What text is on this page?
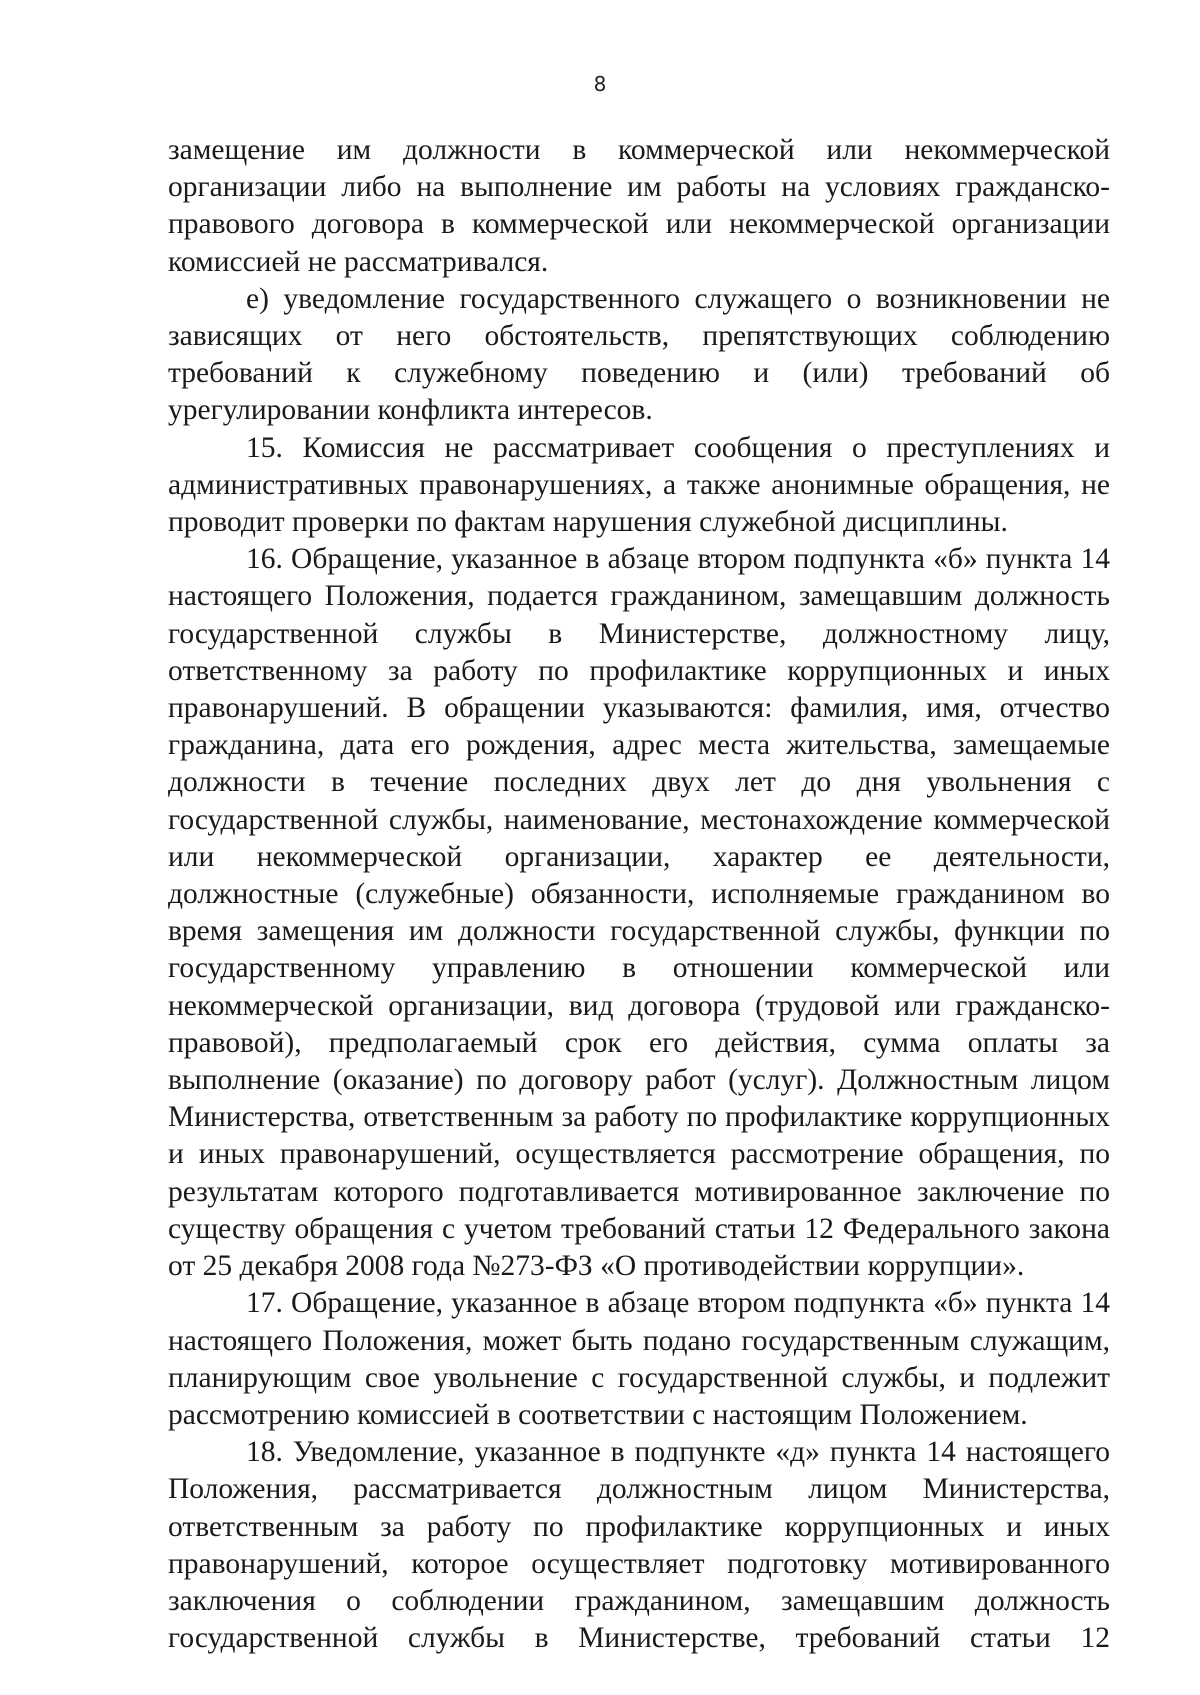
8

замещение им должности в коммерческой или некоммерческой организации либо на выполнение им работы на условиях гражданско-правового договора в коммерческой или некоммерческой организации комиссией не рассматривался.

е) уведомление государственного служащего о возникновении не зависящих от него обстоятельств, препятствующих соблюдению требований к служебному поведению и (или) требований об урегулировании конфликта интересов.

15. Комиссия не рассматривает сообщения о преступлениях и административных правонарушениях, а также анонимные обращения, не проводит проверки по фактам нарушения служебной дисциплины.

16. Обращение, указанное в абзаце втором подпункта «б» пункта 14 настоящего Положения, подается гражданином, замещавшим должность государственной службы в Министерстве, должностному лицу, ответственному за работу по профилактике коррупционных и иных правонарушений. В обращении указываются: фамилия, имя, отчество гражданина, дата его рождения, адрес места жительства, замещаемые должности в течение последних двух лет до дня увольнения с государственной службы, наименование, местонахождение коммерческой или некоммерческой организации, характер ее деятельности, должностные (служебные) обязанности, исполняемые гражданином во время замещения им должности государственной службы, функции по государственному управлению в отношении коммерческой или некоммерческой организации, вид договора (трудовой или гражданско-правовой), предполагаемый срок его действия, сумма оплаты за выполнение (оказание) по договору работ (услуг). Должностным лицом Министерства, ответственным за работу по профилактике коррупционных и иных правонарушений, осуществляется рассмотрение обращения, по результатам которого подготавливается мотивированное заключение по существу обращения с учетом требований статьи 12 Федерального закона от 25 декабря 2008 года №273-ФЗ «О противодействии коррупции».

17. Обращение, указанное в абзаце втором подпункта «б» пункта 14 настоящего Положения, может быть подано государственным служащим, планирующим свое увольнение с государственной службы, и подлежит рассмотрению комиссией в соответствии с настоящим Положением.

18. Уведомление, указанное в подпункте «д» пункта 14 настоящего Положения, рассматривается должностным лицом Министерства, ответственным за работу по профилактике коррупционных и иных правонарушений, которое осуществляет подготовку мотивированного заключения о соблюдении гражданином, замещавшим должность государственной службы в Министерстве, требований статьи 12
